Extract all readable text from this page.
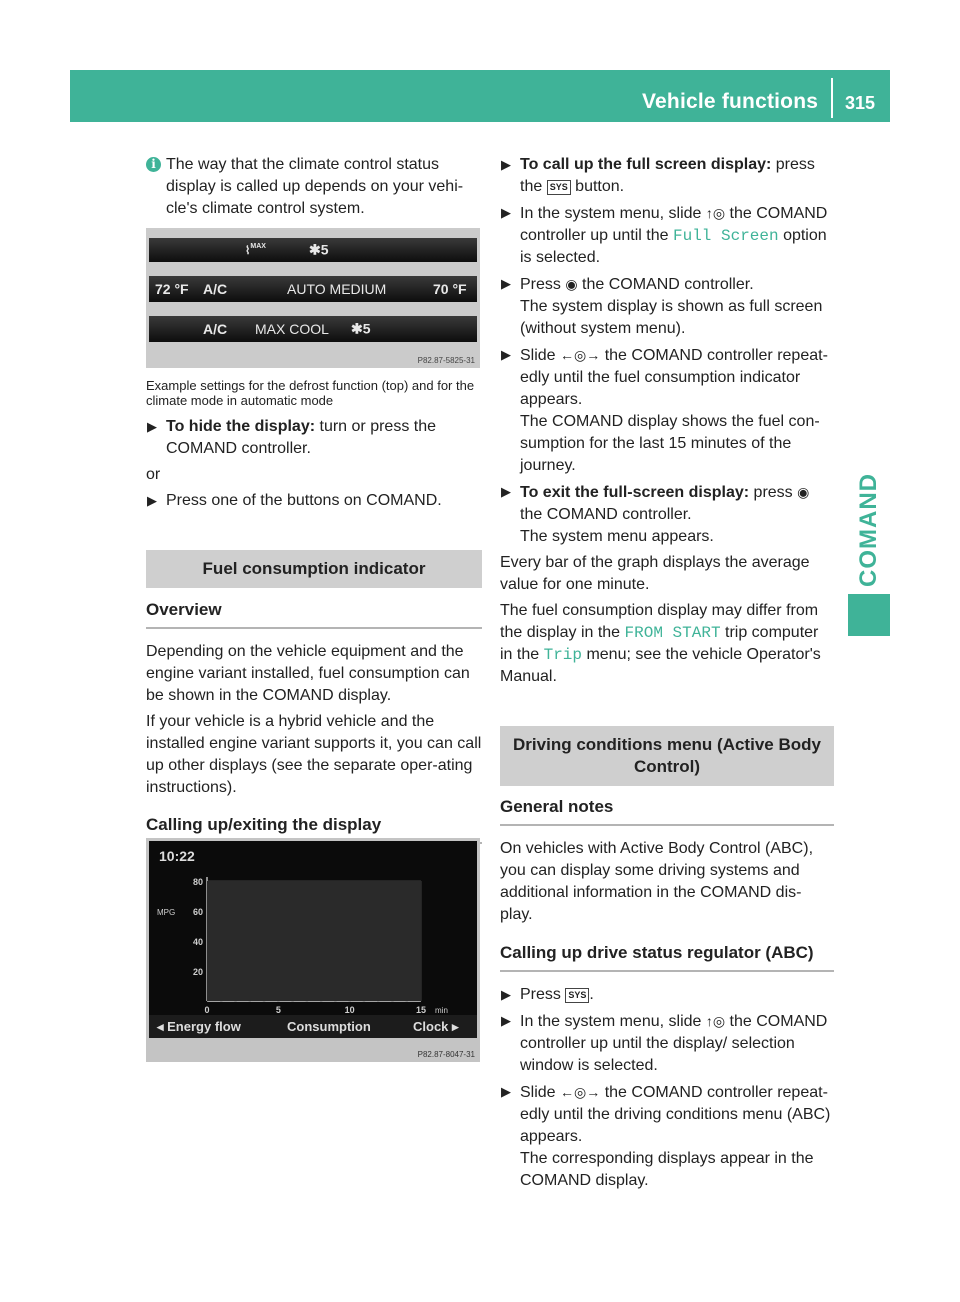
Vehicle functions 315
COMAND
i The way that the climate control status display is called up depends on your vehi-cle's climate control system.

⌇$^{MAX}$	✱5
72 °F A/C	AUTO MEDIUM	70 °F
A/C MAX COOL ✱5
P82.87-5825-31

Example settings for the defrost function (top) and for the climate mode in automatic mode

▶ To hide the display: turn or press the COMAND controller.

or

▶ Press one of the buttons on COMAND.

Fuel consumption indicator
Overview

Depending on the vehicle equipment and the engine variant installed, fuel consumption can be shown in the COMAND display.

If your vehicle is a hybrid vehicle and the installed engine variant supports it, you can call up other displays (see the separate oper-ating instructions).

Calling up/exiting the display
20
40
60
80
MPG
0	5	10	15 min
10:22
◂ Energy flow	Consumption	Clock ▸
P82.87-8047-31
▶ To call up the full screen display: press the SYS button.

▶ In the system menu, slide ↑◎ the COMAND controller up until the Full Screen option is selected.

▶ Press ◉ the COMAND controller.

The system display is shown as full screen (without system menu).

▶ Slide ←◎→ the COMAND controller repeat-edly until the fuel consumption indicator appears.

The COMAND display shows the fuel con-sumption for the last 15 minutes of the journey.

▶ To exit the full-screen display: press ◉ the COMAND controller.

The system menu appears.

Every bar of the graph displays the average value for one minute.

The fuel consumption display may differ from the display in the FROM START trip computer in the Trip menu; see the vehicle Operator's Manual.

Driving conditions menu (Active Body Control)
General notes

On vehicles with Active Body Control (ABC), you can display some driving systems and additional information in the COMAND dis-play.

Calling up drive status regulator (ABC)
▶ Press SYS .

▶ In the system menu, slide ↑◎ the COMAND controller up until the display/ selection window is selected.

▶ Slide ←◎→ the COMAND controller repeat-edly until the driving conditions menu (ABC) appears.

The corresponding displays appear in the COMAND display.
